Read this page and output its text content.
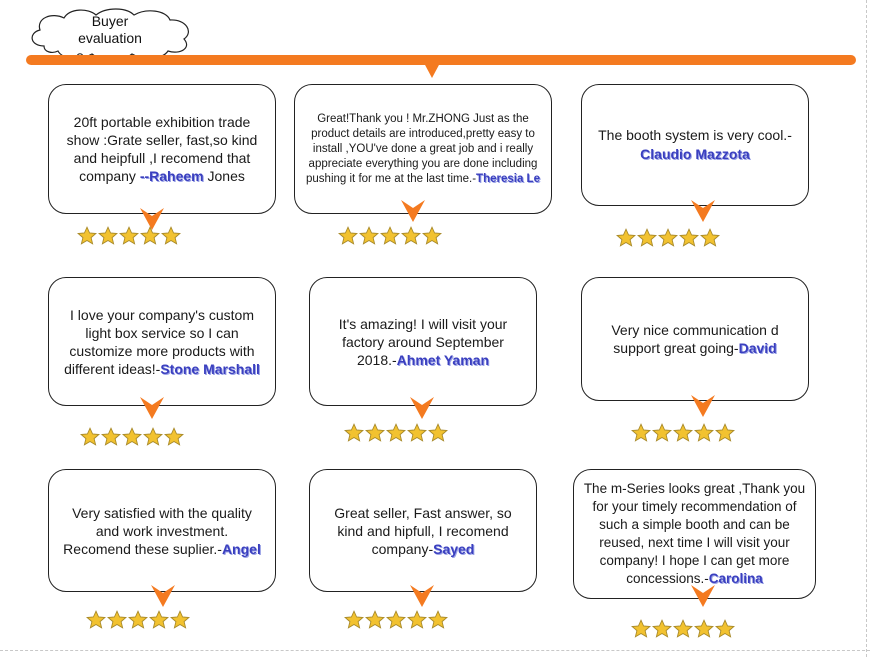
Buyer
evaluation
20ft portable exhibition trade show :Grate seller, fast,so kind and heipfull ,I recomend that company --Raheem Jones
Great!Thank you ! Mr.ZHONG Just as the product details are introduced,pretty easy to install ,YOU've done a great job and i really appreciate everything you are done including pushing it for me at the last time.-Theresia Le
The booth system is very cool.-Claudio Mazzota
I love your company's custom light box service so I can customize more products with different ideas!-Stone Marshall
It's amazing! I will visit your factory around September 2018.-Ahmet Yaman
Very nice communication d support great going-David
Very satisfied with the quality and work investment. Recomend these suplier.-Angel
Great seller, Fast answer, so kind and hipfull, I recomend company-Sayed
The m-Series looks great ,Thank you for your timely recommendation of such a simple booth and can be reused, next time I will visit your company! I hope I can get more concessions.-Carolina
